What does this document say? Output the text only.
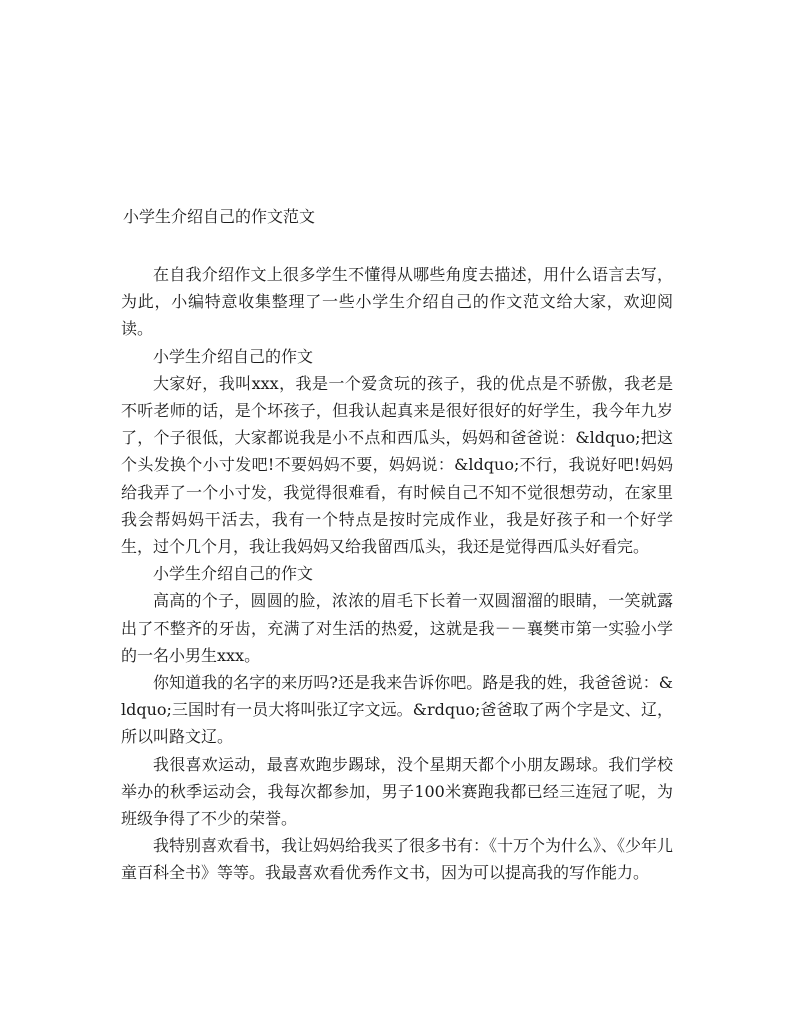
小学生介绍自己的作文范文

在自我介绍作文上很多学生不懂得从哪些角度去描述，用什么语言去写，为此，小编特意收集整理了一些小学生介绍自己的作文范文给大家，欢迎阅读。

小学生介绍自己的作文

大家好，我叫xxx，我是一个爱贪玩的孩子，我的优点是不骄傲，我老是不听老师的话，是个坏孩子，但我认起真来是很好很好的好学生，我今年九岁了，个子很低，大家都说我是小不点和西瓜头，妈妈和爸爸说：&ldquo;把这个头发换个小寸发吧!不要妈妈不要，妈妈说：&ldquo;不行，我说好吧!妈妈给我弄了一个小寸发，我觉得很难看，有时候自己不知不觉很想劳动，在家里我会帮妈妈干活去，我有一个特点是按时完成作业，我是好孩子和一个好学生，过个几个月，我让我妈妈又给我留西瓜头，我还是觉得西瓜头好看完。

小学生介绍自己的作文

高高的个子，圆圆的脸，浓浓的眉毛下长着一双圆溜溜的眼睛，一笑就露出了不整齐的牙齿，充满了对生活的热爱，这就是我－－襄樊市第一实验小学的一名小男生xxx。

你知道我的名字的来历吗?还是我来告诉你吧。路是我的姓，我爸爸说：&ldquo;三国时有一员大将叫张辽字文远。&rdquo;爸爸取了两个字是文、辽，所以叫路文辽。

我很喜欢运动，最喜欢跑步踢球，没个星期天都个小朋友踢球。我们学校举办的秋季运动会，我每次都参加，男子100米赛跑我都已经三连冠了呢，为班级争得了不少的荣誉。

我特别喜欢看书，我让妈妈给我买了很多书有：《十万个为什么》、《少年儿童百科全书》等等。我最喜欢看优秀作文书，因为可以提高我的写作能力。
